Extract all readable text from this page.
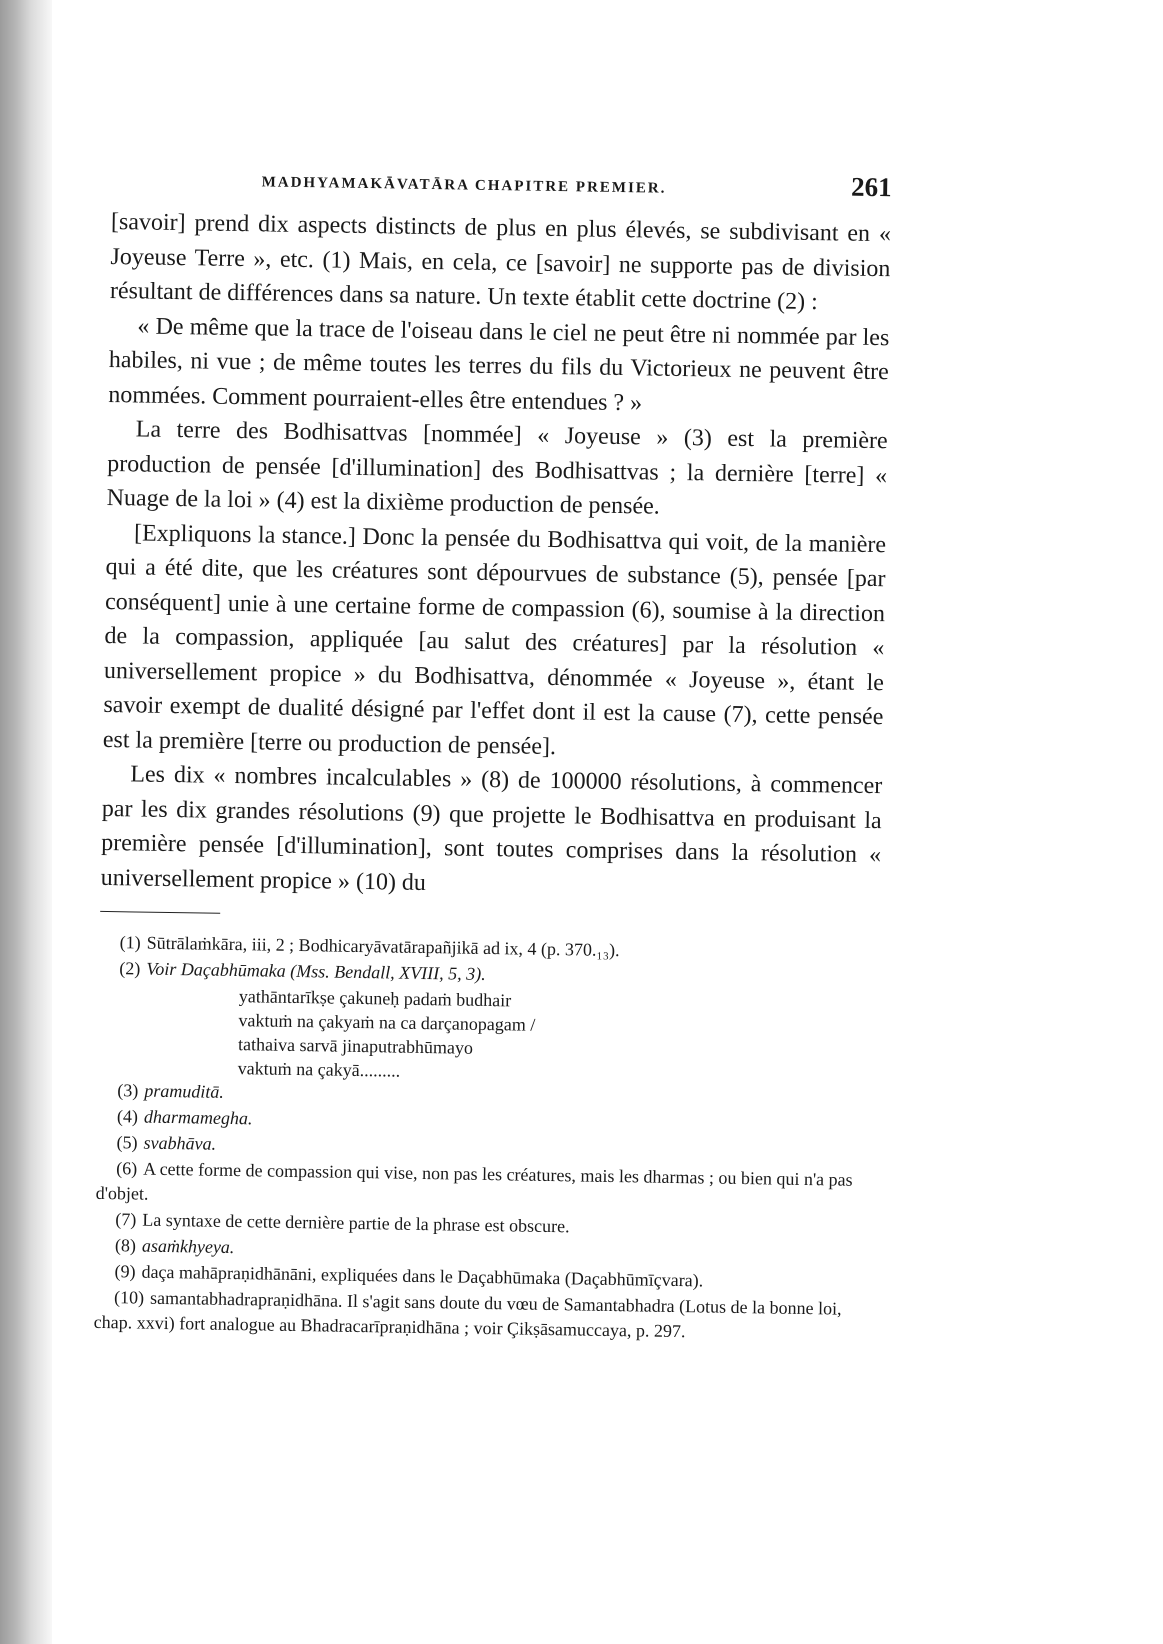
MADHYAMAKĀVATĀRA CHAPITRE PREMIER.	261

[savoir] prend dix aspects distincts de plus en plus élevés, se subdivisant en « Joyeuse Terre », etc. (1) Mais, en cela, ce [savoir] ne supporte pas de division résultant de différences dans sa nature. Un texte établit cette doctrine (2) :

« De même que la trace de l'oiseau dans le ciel ne peut être ni nommée par les habiles, ni vue ; de même toutes les terres du fils du Victorieux ne peuvent être nommées. Comment pourraient-elles être entendues ? »

La terre des Bodhisattvas [nommée] « Joyeuse » (3) est la première production de pensée [d'illumination] des Bodhisattvas ; la dernière [terre] « Nuage de la loi » (4) est la dixième production de pensée.

[Expliquons la stance.] Donc la pensée du Bodhisattva qui voit, de la manière qui a été dite, que les créatures sont dépourvues de substance (5), pensée [par conséquent] unie à une certaine forme de compassion (6), soumise à la direction de la compassion, appliquée [au salut des créatures] par la résolution « universellement propice » du Bodhisattva, dénommée « Joyeuse », étant le savoir exempt de dualité désigné par l'effet dont il est la cause (7), cette pensée est la première [terre ou production de pensée].

Les dix « nombres incalculables » (8) de 100000 résolutions, à commencer par les dix grandes résolutions (9) que projette le Bodhisattva en produisant la première pensée [d'illumination], sont toutes comprises dans la résolution « universellement propice » (10) du

(1) Sūtrālaṁkāra, iii, 2 ; Bodhicaryāvatārapañjikā ad ix, 4 (p. 370.₁₃).
(2) Voir Daçabhūmaka (Mss. Bendall, XVIII, 5, 3).
yathāntarīkṣe çakuneḥ padaṁ budhair
vaktuṁ na çakyaṁ na ca darçanopagam /
tathaiva sarvā jinaputrabhūmayo
vaktuṁ na çakyā.........
(3) pramuditā.
(4) dharmamegha.
(5) svabhāva.
(6) A cette forme de compassion qui vise, non pas les créatures, mais les dharmas ; ou bien qui n'a pas d'objet.
(7) La syntaxe de cette dernière partie de la phrase est obscure.
(8) asaṁkhyeya.
(9) daça mahāpraṇidhānāni, expliquées dans le Daçabhūmaka (Daçabhūmīçvara).
(10) samantabhadrapraṇidhāna. Il s'agit sans doute du vœu de Samantabhadra (Lotus de la bonne loi, chap. xxvi) fort analogue au Bhadracarīpraṇidhāna ; voir Çikṣāsamuccaya, p. 297.
